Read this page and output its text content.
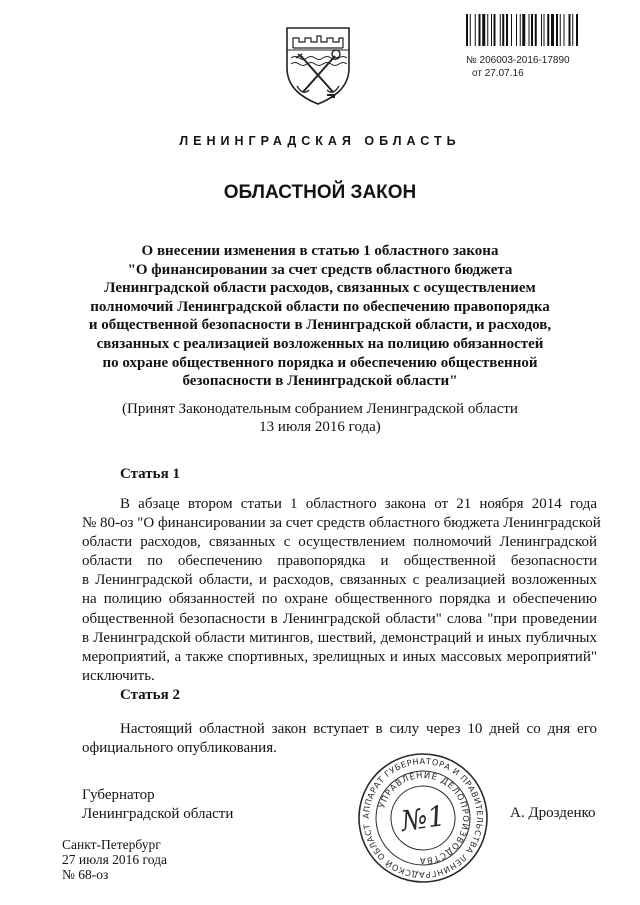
№ 206003-2016-17890
от 27.07.16
ЛЕНИНГРАДСКАЯ ОБЛАСТЬ
ОБЛАСТНОЙ ЗАКОН
О внесении изменения в статью 1 областного закона
"О финансировании за счет средств областного бюджета
Ленинградской области расходов, связанных с осуществлением
полномочий Ленинградской области по обеспечению правопорядка
и общественной безопасности в Ленинградской области, и расходов,
связанных с реализацией возложенных на полицию обязанностей
по охране общественного порядка и обеспечению общественной
безопасности в Ленинградской области"
(Принят Законодательным собранием Ленинградской области
13 июля 2016 года)
Статья 1
В абзаце втором статьи 1 областного закона от 21 ноября 2014 года
№ 80-оз "О финансировании за счет средств областного бюджета Ленинградской
области расходов, связанных с осуществлением полномочий Ленинградской
области по обеспечению правопорядка и общественной безопасности
в Ленинградской области, и расходов, связанных с реализацией возложенных
на полицию обязанностей по охране общественного порядка и обеспечению
общественной безопасности в Ленинградской области" слова "при проведении
в Ленинградской области митингов, шествий, демонстраций и иных публичных
мероприятий, а также спортивных, зрелищных и иных массовых мероприятий"
исключить.
Статья 2
Настоящий областной закон вступает в силу через 10 дней со дня его
официального опубликования.
Губернатор
Ленинградской области	А. Дрозденко
АППАРАТ ГУБЕРНАТОРА И ПРАВИТЕЛЬСТВА ЛЕНИНГРАДСКОЙ ОБЛАСТИ
УПРАВЛЕНИЕ ДЕЛОПРОИЗВОДСТВА
№1
Санкт-Петербург
27 июля 2016 года
№ 68-оз
